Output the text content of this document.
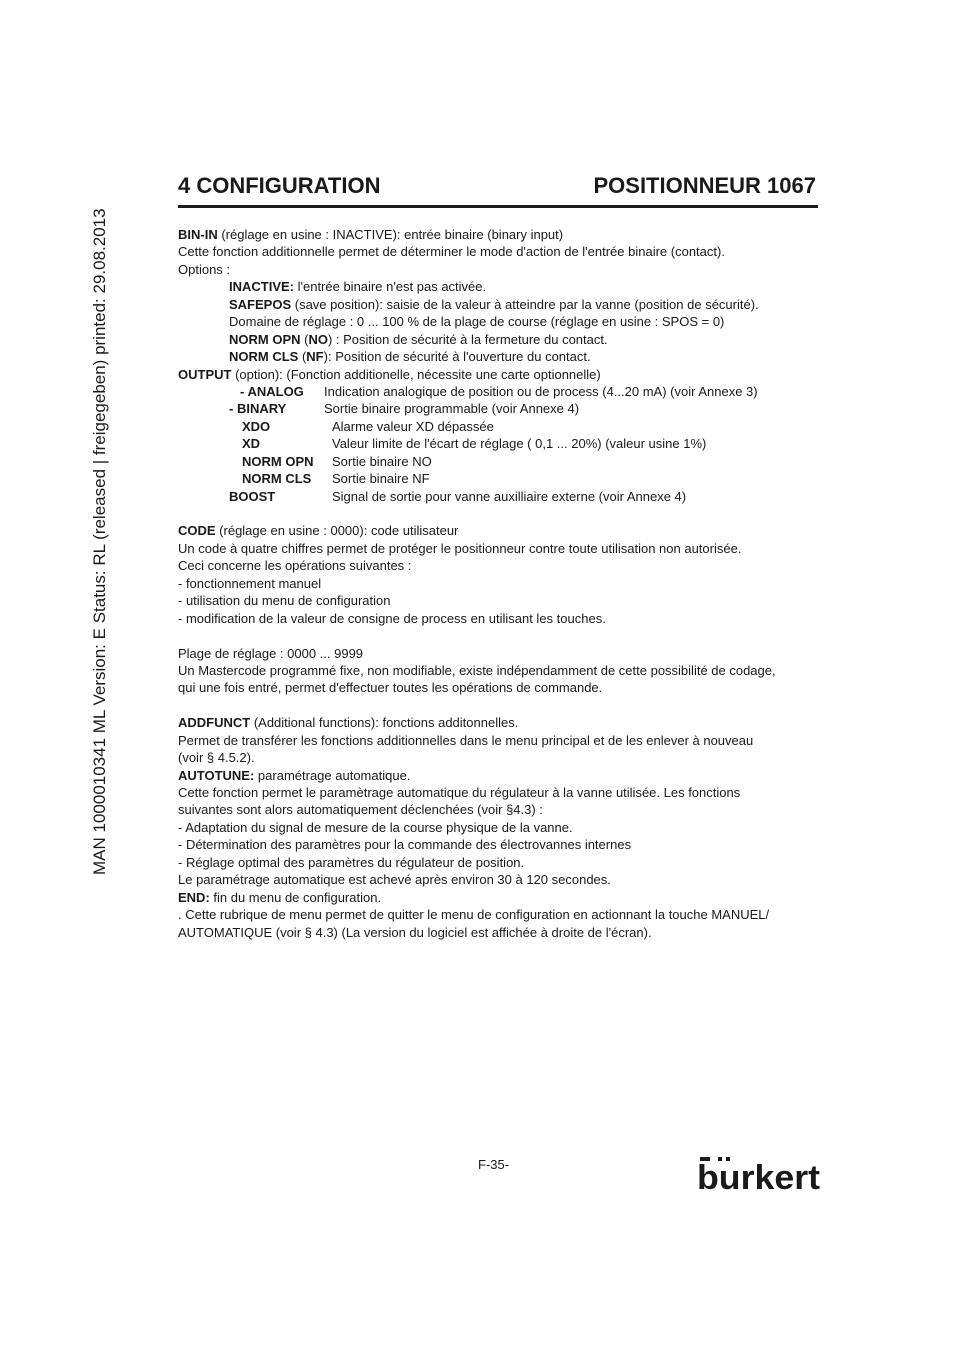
MAN 1000010341 ML Version: E Status: RL (released | freigegeben) printed: 29.08.2013
4 CONFIGURATION	POSITIONNEUR 1067
BIN-IN (réglage en usine : INACTIVE): entrée binaire (binary input)
Cette fonction additionnelle permet de déterminer le mode d'action de l'entrée binaire (contact).
Options :
INACTIVE: l'entrée binaire n'est pas activée.
SAFEPOS (save position): saisie de la valeur à atteindre par la vanne (position de sécurité).
Domaine de réglage : 0 ... 100 % de la plage de course (réglage en usine : SPOS = 0)
NORM OPN (NO) : Position de sécurité à la fermeture du contact.
NORM CLS (NF): Position de sécurité à l'ouverture du contact.
OUTPUT (option): (Fonction additionelle, nécessite une carte optionnelle)
- ANALOG Indication analogique de position ou de process (4...20 mA) (voir Annexe 3)
- BINARY	Sortie binaire programmable (voir Annexe 4)
XDO	Alarme valeur XD dépassée
XD	Valeur limite de l'écart de réglage ( 0,1 ... 20%) (valeur usine 1%)
NORM OPN Sortie binaire NO
NORM CLS Sortie binaire NF
BOOST	Signal de sortie pour vanne auxilliaire externe (voir Annexe 4)
CODE (réglage en usine : 0000): code utilisateur
Un code à quatre chiffres permet de protéger le positionneur contre toute utilisation non autorisée.
Ceci concerne les opérations suivantes :
- fonctionnement manuel
- utilisation du menu de configuration
- modification de la valeur de consigne de process en utilisant les touches.
Plage de réglage : 0000 ... 9999
Un Mastercode programmé fixe, non modifiable, existe indépendamment de cette possibilité de codage,
qui une fois entré, permet d'effectuer toutes les opérations de commande.
ADDFUNCT (Additional functions): fonctions additonnelles.
Permet de transférer les fonctions additionnelles dans le menu principal et de les enlever à nouveau
(voir § 4.5.2).
AUTOTUNE: paramétrage automatique.
Cette fonction permet le paramètrage automatique du régulateur à la vanne utilisée. Les fonctions
suivantes sont alors automatiquement déclenchées (voir §4.3) :
- Adaptation du signal de mesure de la course physique de la vanne.
- Détermination des paramètres pour la commande des électrovannes internes
- Réglage optimal des paramètres du régulateur de position.
Le paramétrage automatique est achevé après environ 30 à 120 secondes.
END: fin du menu de configuration.
. Cette rubrique de menu permet de quitter le menu de configuration en actionnant la touche MANUEL/
AUTOMATIQUE (voir § 4.3) (La version du logiciel est affichée à droite de l'écran).
F-35-	burkert
